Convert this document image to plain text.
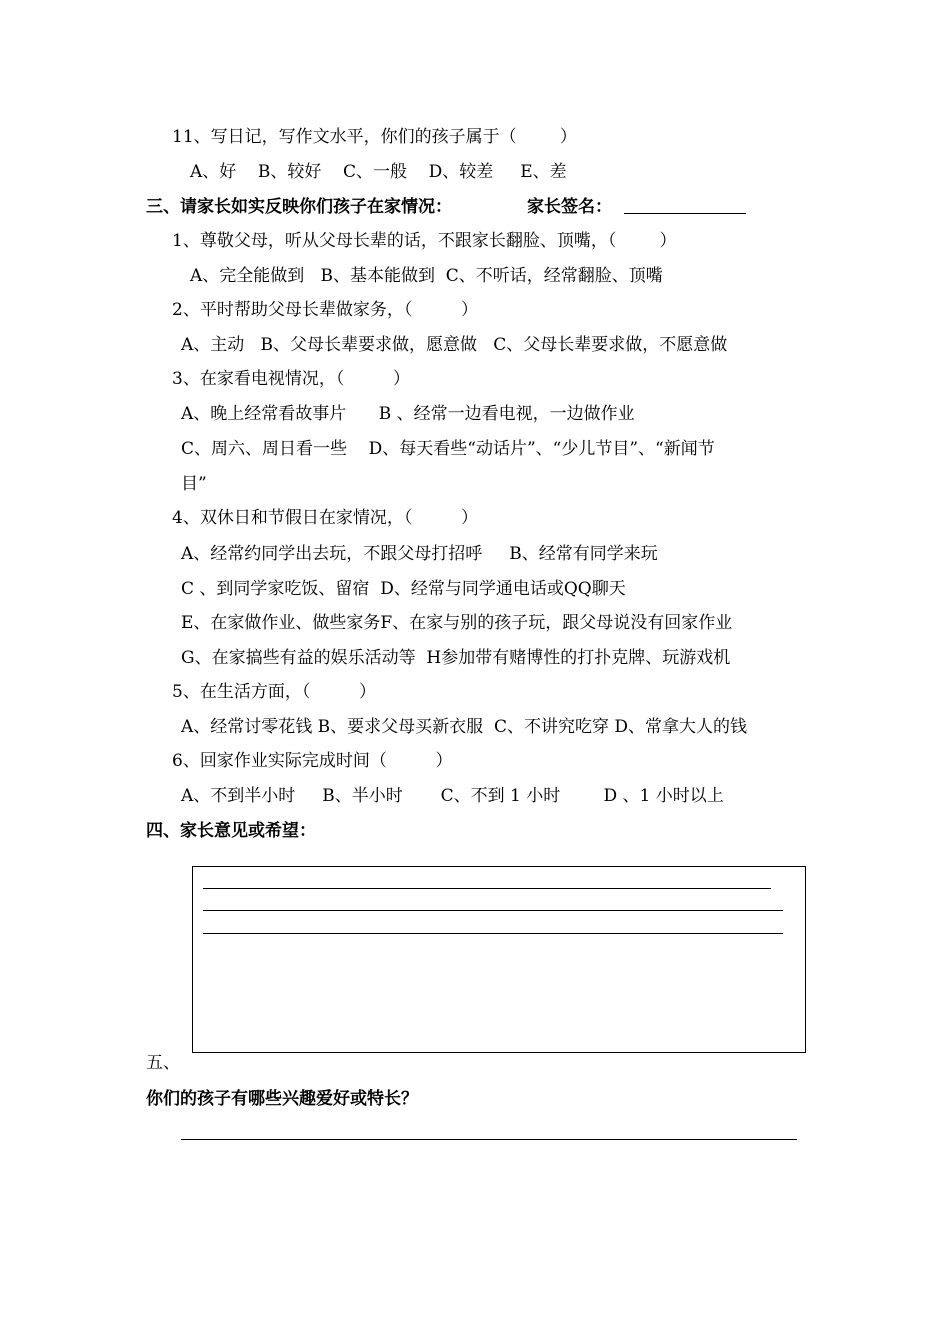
11、写日记，写作文水平，你们的孩子属于（        ）
A、好    B、较好    C、一般    D、较差     E、差
三、请家长如实反映你们孩子在家情况：	家长签名：
1、尊敬父母，听从父母长辈的话，不跟家长翻脸、顶嘴，（        ）
A、完全能做到   B、基本能做到  C、不听话，经常翻脸、顶嘴
2、平时帮助父母长辈做家务，（         ）
A、主动   B、父母长辈要求做，愿意做   C、父母长辈要求做，不愿意做
3、在家看电视情况，（         ）
A、晚上经常看故事片      B 、经常一边看电视，一边做作业
C、周六、周日看一些    D、每天看些“动话片”、“少儿节目”、“新闻节
目”
4、双休日和节假日在家情况，（         ）
A、经常约同学出去玩，不跟父母打招呼     B、经常有同学来玩
C 、到同学家吃饭、留宿  D、经常与同学通电话或QQ聊天
E、在家做作业、做些家务F、在家与别的孩子玩，跟父母说没有回家作业
G、在家搞些有益的娱乐活动等  H参加带有赌博性的打扑克牌、玩游戏机
5、在生活方面，（         ）
A、经常讨零花钱 B、要求父母买新衣服  C、不讲究吃穿 D、常拿大人的钱
6、回家作业实际完成时间（         ）
A、不到半小时     B、半小时       C、不到 1 小时        D 、1 小时以上
四、家长意见或希望：
五、
你们的孩子有哪些兴趣爱好或特长？
